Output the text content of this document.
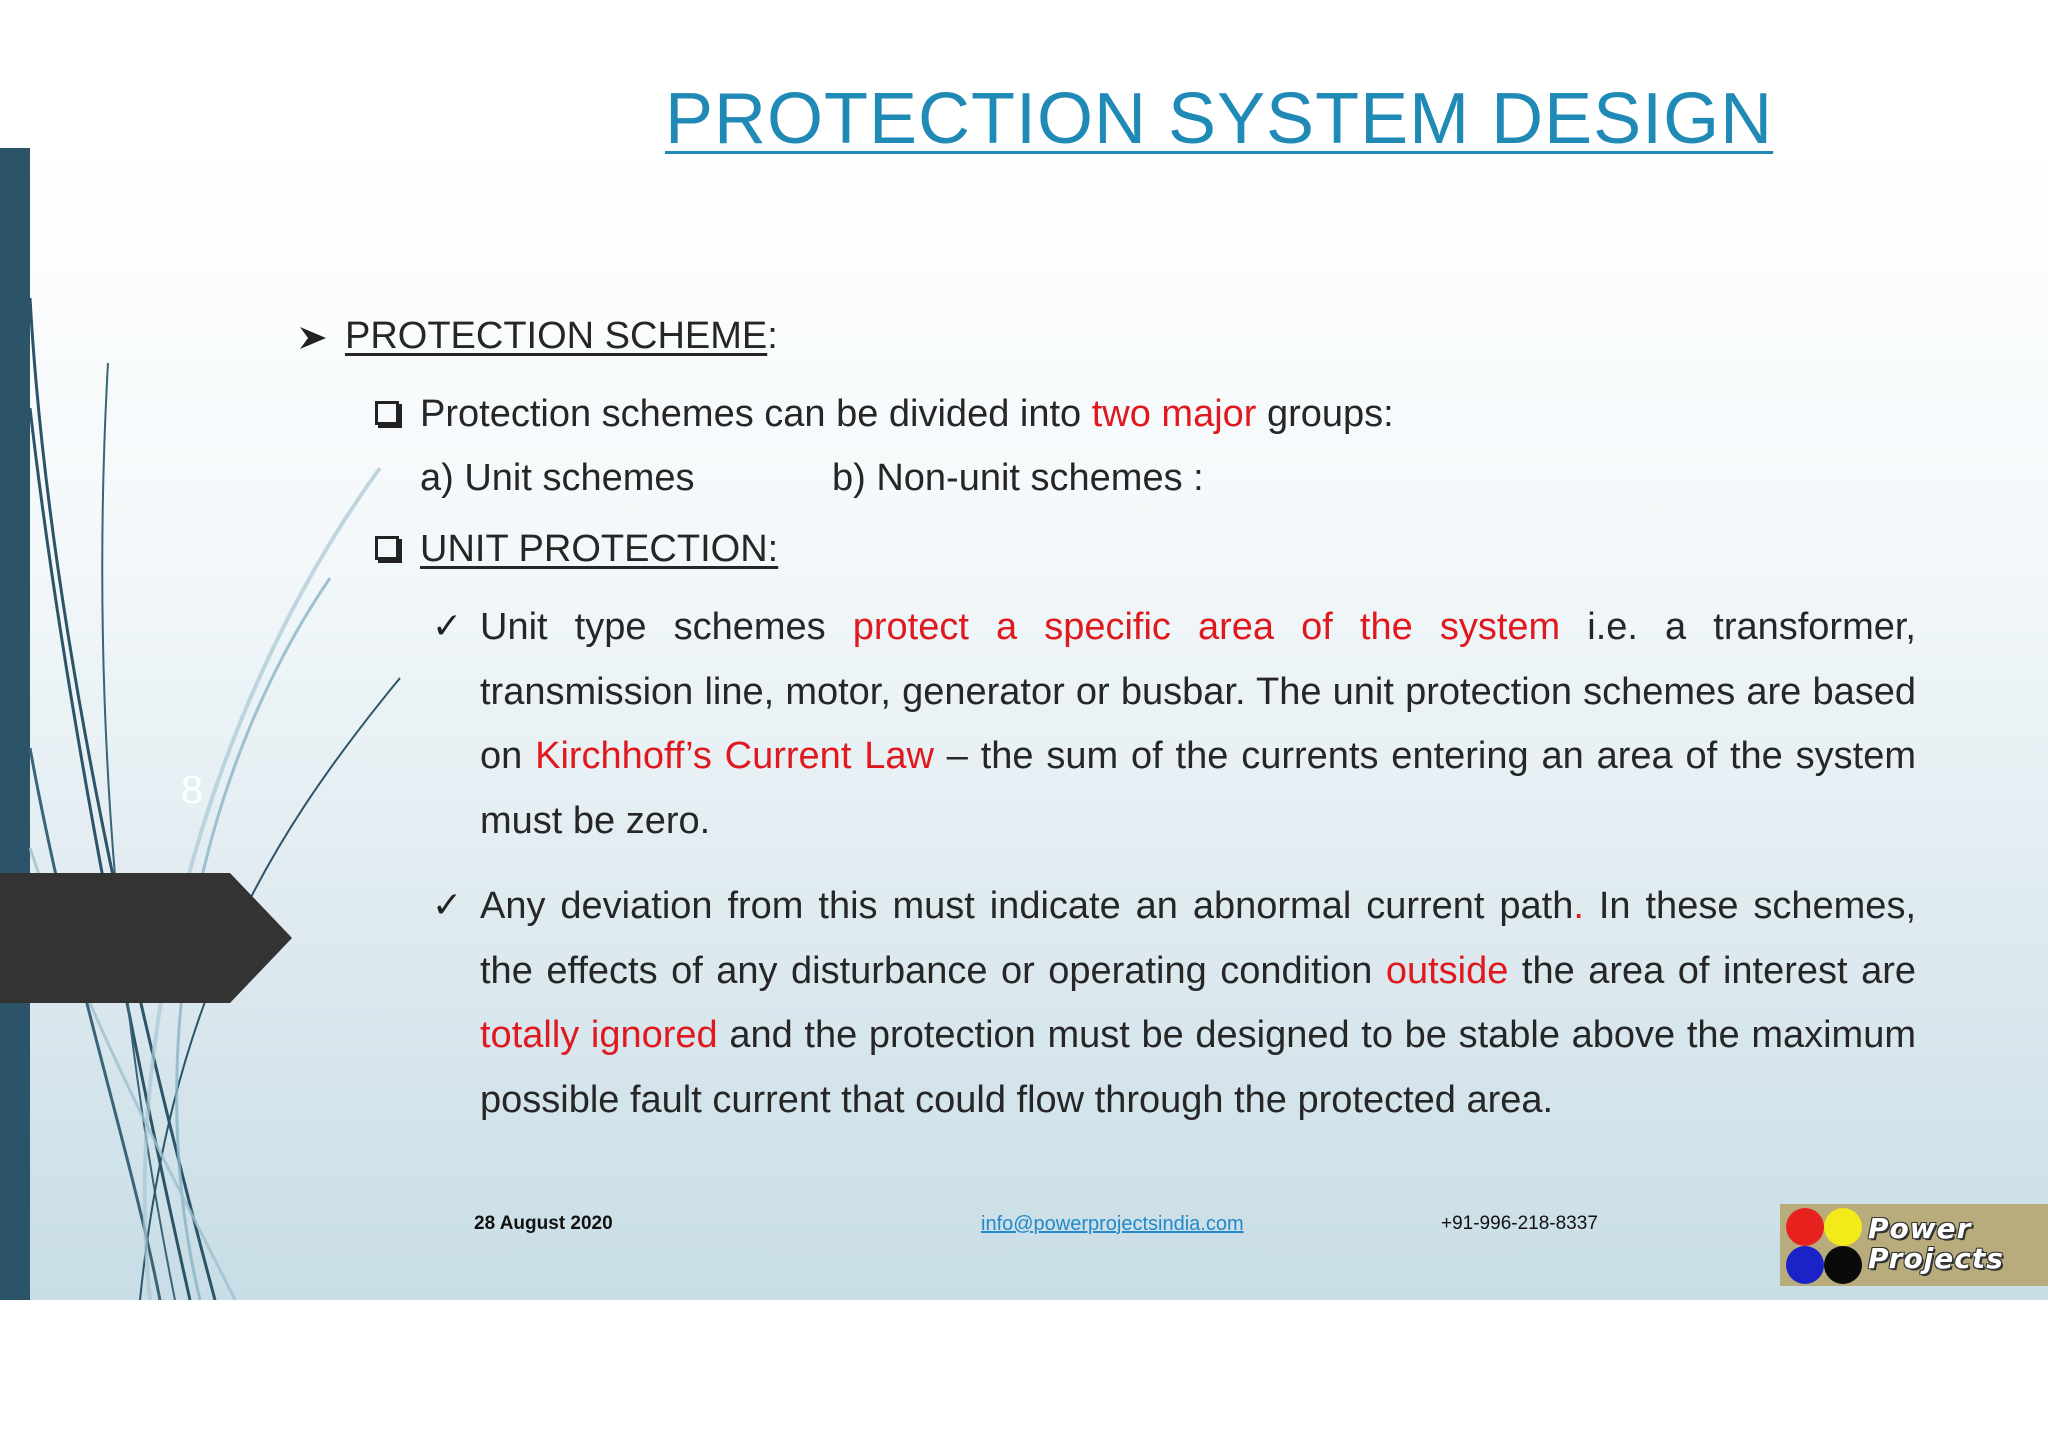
8
PROTECTION SYSTEM DESIGN
PROTECTION SCHEME:
Protection schemes can be divided into two major groups:
a) Unit schemes	b) Non-unit schemes :
UNIT PROTECTION:
✓ Unit type schemes protect a specific area of the system i.e. a transformer, transmission line, motor, generator or busbar. The unit protection schemes are based on Kirchhoff’s Current Law – the sum of the currents entering an area of the system must be zero.
✓ Any deviation from this must indicate an abnormal current path. In these schemes, the effects of any disturbance or operating condition outside the area of interest are totally ignored and the protection must be designed to be stable above the maximum possible fault current that could flow through the protected area.
28 August 2020	info@powerprojectsindia.com	+91-996-218-8337	Power
Projects
